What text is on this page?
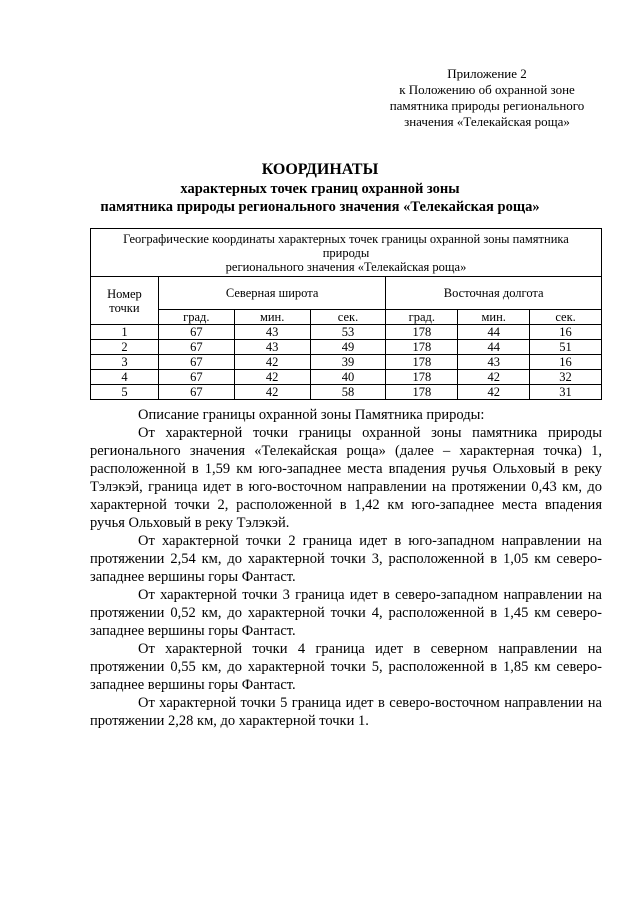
Приложение 2
к Положению об охранной зоне
памятника природы регионального
значения «Телекайская роща»
КООРДИНАТЫ
характерных точек границ охранной зоны
памятника природы регионального значения «Телекайская роща»
Географические координаты характерных точек границы охранной зоны памятника природы
регионального значения «Телекайская роща»						

Номер
точки	Северная широта			Восточная долгота		
	град.	мин.	сек.	град.	мин.	сек.
1	67	43	53	178	44	16
2	67	43	49	178	44	51
3	67	42	39	178	43	16
4	67	42	40	178	42	32
5	67	42	58	178	42	31

Описание границы охранной зоны Памятника природы:

От характерной точки границы охранной зоны памятника природы регионального значения «Телекайская роща» (далее – характерная точка) 1, расположенной в 1,59 км юго-западнее места впадения ручья Ольховый в реку Тэлэкэй, граница идет в юго-восточном направлении на протяжении 0,43 км, до характерной точки 2, расположенной в 1,42 км юго-западнее места впадения ручья Ольховый в реку Тэлэкэй.

От характерной точки 2 граница идет в юго-западном направлении на протяжении 2,54 км, до характерной точки 3, расположенной в 1,05 км северо-западнее вершины горы Фантаст.

От характерной точки 3 граница идет в северо-западном направлении на протяжении 0,52 км, до характерной точки 4, расположенной в 1,45 км северо-западнее вершины горы Фантаст.

От характерной точки 4 граница идет в северном направлении на протяжении 0,55 км, до характерной точки 5, расположенной в 1,85 км северо-западнее вершины горы Фантаст.

От характерной точки 5 граница идет в северо-восточном направлении на протяжении 2,28 км, до характерной точки 1.
